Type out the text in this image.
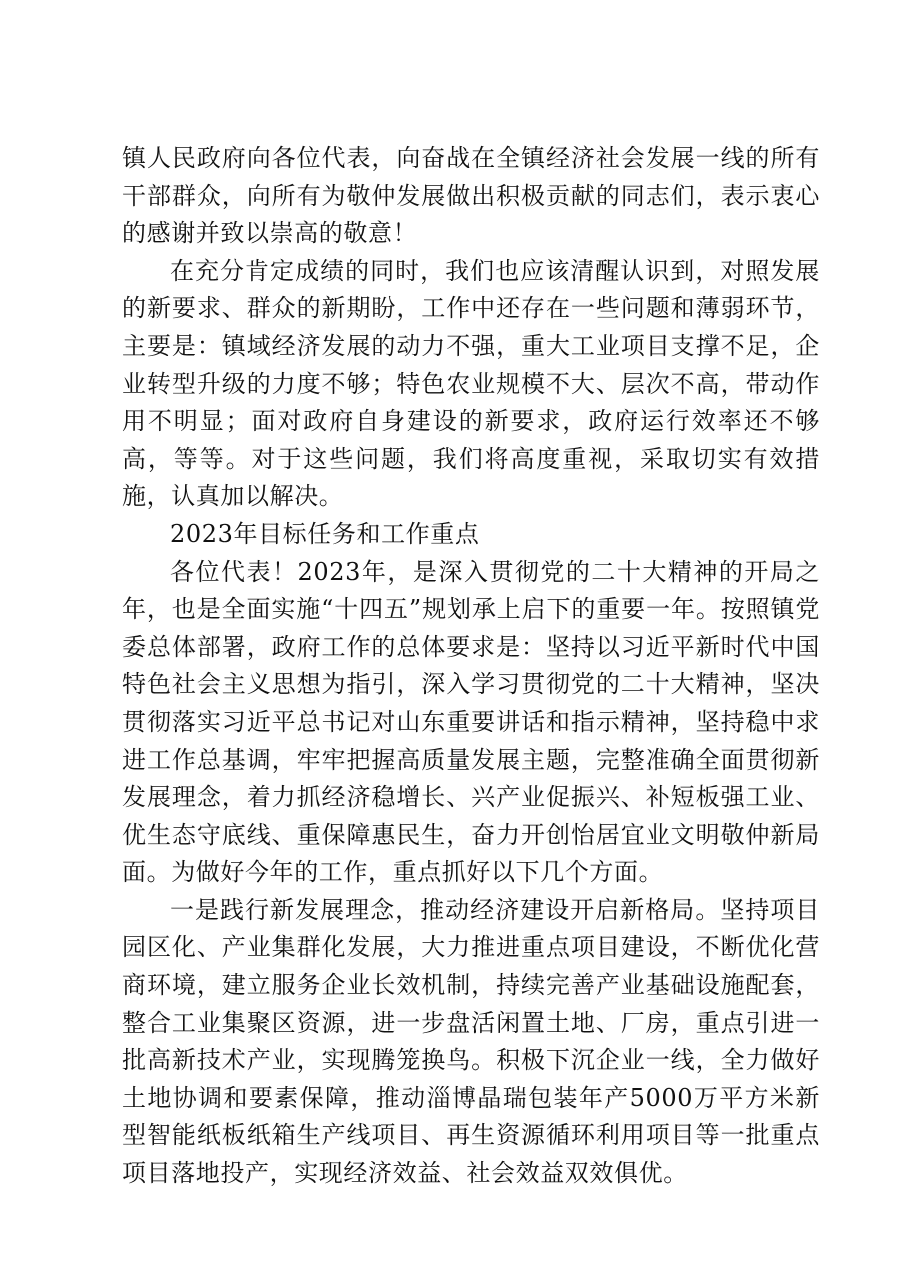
镇人民政府向各位代表，向奋战在全镇经济社会发展一线的所有干部群众，向所有为敬仲发展做出积极贡献的同志们，表示衷心的感谢并致以崇高的敬意！

在充分肯定成绩的同时，我们也应该清醒认识到，对照发展的新要求、群众的新期盼，工作中还存在一些问题和薄弱环节，主要是：镇域经济发展的动力不强，重大工业项目支撑不足，企业转型升级的力度不够；特色农业规模不大、层次不高，带动作用不明显；面对政府自身建设的新要求，政府运行效率还不够高，等等。对于这些问题，我们将高度重视，采取切实有效措施，认真加以解决。

2023年目标任务和工作重点

各位代表！2023年，是深入贯彻党的二十大精神的开局之年，也是全面实施“十四五”规划承上启下的重要一年。按照镇党委总体部署，政府工作的总体要求是：坚持以习近平新时代中国特色社会主义思想为指引，深入学习贯彻党的二十大精神，坚决贯彻落实习近平总书记对山东重要讲话和指示精神，坚持稳中求进工作总基调，牢牢把握高质量发展主题，完整准确全面贯彻新发展理念，着力抓经济稳增长、兴产业促振兴、补短板强工业、优生态守底线、重保障惠民生，奋力开创怡居宜业文明敬仲新局面。为做好今年的工作，重点抓好以下几个方面。

一是践行新发展理念，推动经济建设开启新格局。坚持项目园区化、产业集群化发展，大力推进重点项目建设，不断优化营商环境，建立服务企业长效机制，持续完善产业基础设施配套，整合工业集聚区资源，进一步盘活闲置土地、厂房，重点引进一批高新技术产业，实现腾笼换鸟。积极下沉企业一线，全力做好土地协调和要素保障，推动淄博晶瑞包装年产5000万平方米新型智能纸板纸箱生产线项目、再生资源循环利用项目等一批重点项目落地投产，实现经济效益、社会效益双效俱优。
